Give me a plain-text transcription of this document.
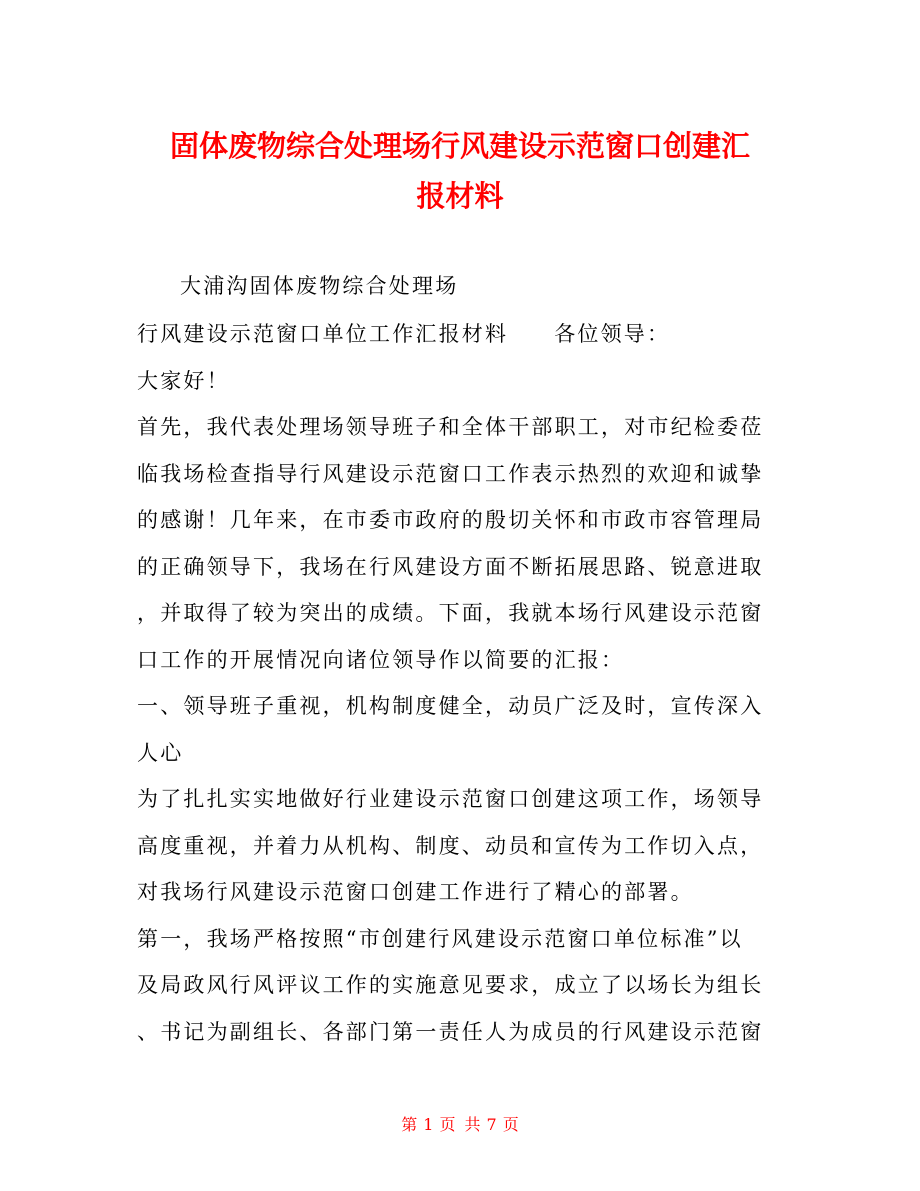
固体废物综合处理场行风建设示范窗口创建汇
报材料
大浦沟固体废物综合处理场
行风建设示范窗口单位工作汇报材料 各位领导：
大家好！
首先，我代表处理场领导班子和全体干部职工，对市纪检委莅
临我场检查指导行风建设示范窗口工作表示热烈的欢迎和诚挚
的感谢！几年来，在市委市政府的殷切关怀和市政市容管理局
的正确领导下，我场在行风建设方面不断拓展思路、锐意进取
，并取得了较为突出的成绩。下面，我就本场行风建设示范窗
口工作的开展情况向诸位领导作以简要的汇报：
一、领导班子重视，机构制度健全，动员广泛及时，宣传深入
人心
为了扎扎实实地做好行业建设示范窗口创建这项工作，场领导
高度重视，并着力从机构、制度、动员和宣传为工作切入点，
对我场行风建设示范窗口创建工作进行了精心的部署。
第一，我场严格按照“市创建行风建设示范窗口单位标准”以
及局政风行风评议工作的实施意见要求，成立了以场长为组长
、书记为副组长、各部门第一责任人为成员的行风建设示范窗
第 1 页 共 7 页
